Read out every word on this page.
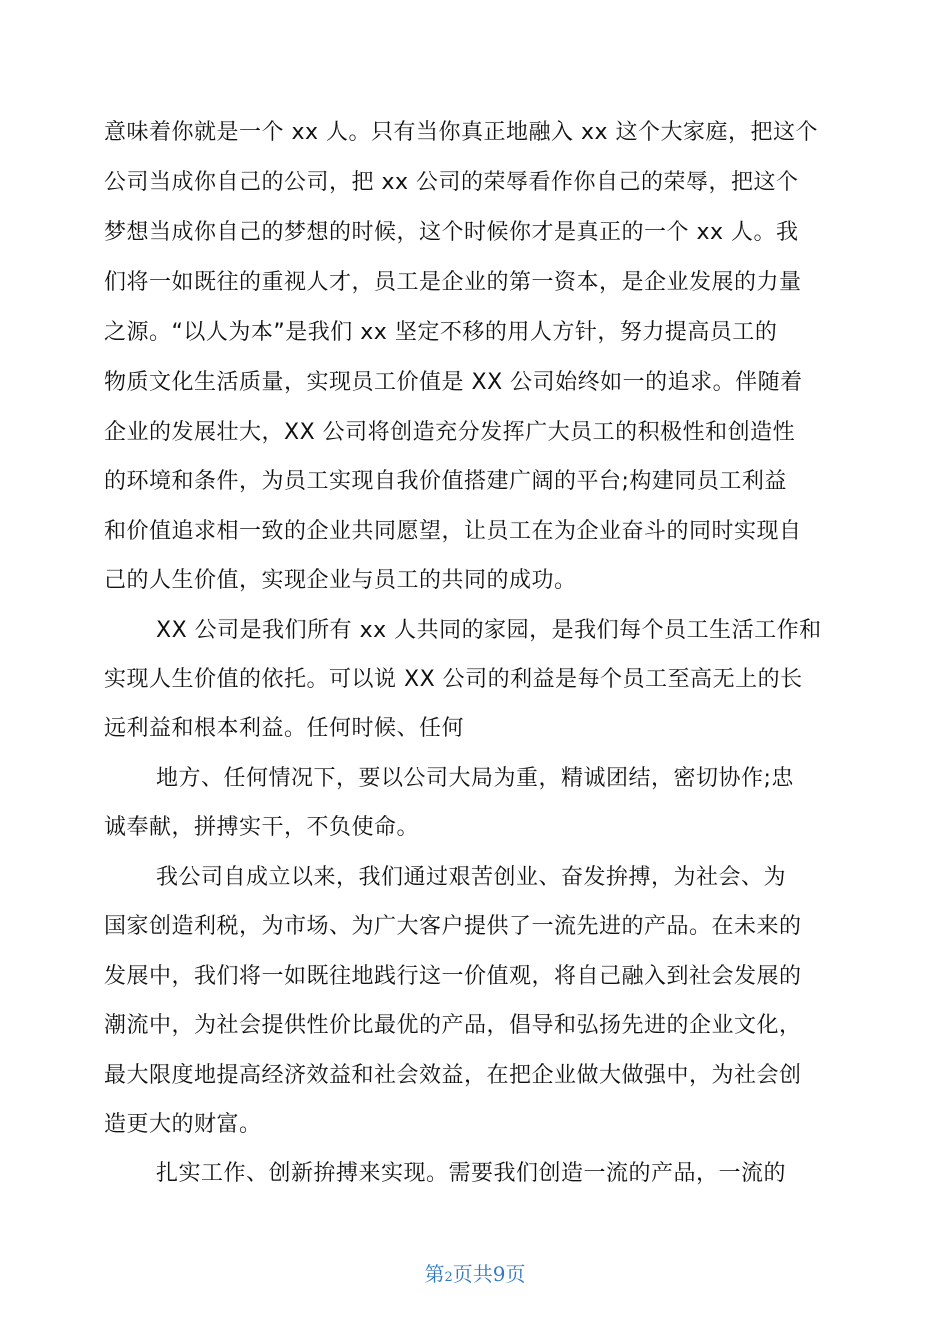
意味着你就是一个 xx 人。只有当你真正地融入 xx 这个大家庭，把这个
公司当成你自己的公司，把 xx 公司的荣辱看作你自己的荣辱，把这个
梦想当成你自己的梦想的时候，这个时候你才是真正的一个 xx 人。我
们将一如既往的重视人才，员工是企业的第一资本，是企业发展的力量
之源。“以人为本”是我们 xx 坚定不移的用人方针，努力提高员工的
物质文化生活质量，实现员工价值是 XX 公司始终如一的追求。伴随着
企业的发展壮大，XX 公司将创造充分发挥广大员工的积极性和创造性
的环境和条件，为员工实现自我价值搭建广阔的平台;构建同员工利益
和价值追求相一致的企业共同愿望，让员工在为企业奋斗的同时实现自
己的人生价值，实现企业与员工的共同的成功。
XX 公司是我们所有 xx 人共同的家园，是我们每个员工生活工作和
实现人生价值的依托。可以说 XX 公司的利益是每个员工至高无上的长
远利益和根本利益。任何时候、任何
地方、任何情况下，要以公司大局为重，精诚团结，密切协作;忠
诚奉献，拼搏实干，不负使命。
我公司自成立以来，我们通过艰苦创业、奋发拚搏，为社会、为
国家创造利税，为市场、为广大客户提供了一流先进的产品。在未来的
发展中，我们将一如既往地践行这一价值观，将自己融入到社会发展的
潮流中，为社会提供性价比最优的产品，倡导和弘扬先进的企业文化，
最大限度地提高经济效益和社会效益，在把企业做大做强中，为社会创
造更大的财富。
扎实工作、创新拚搏来实现。需要我们创造一流的产品，一流的
第2页共9页
